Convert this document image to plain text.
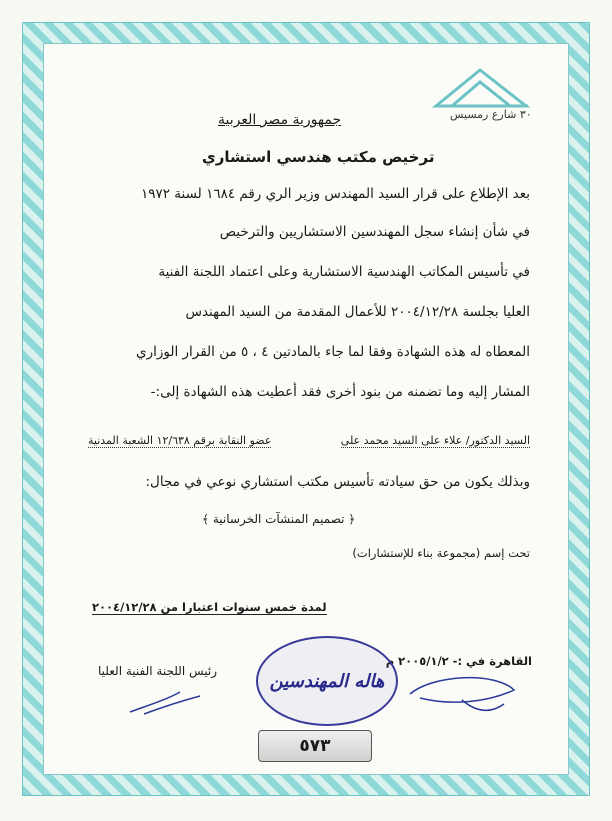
٣٠ شارع رمسيس
جمهورية مصر العربية
ترخيص مكتب هندسي استشاري
بعد الإطلاع على قرار السيد المهندس وزير الري رقم ١٦٨٤ لسنة ١٩٧٢
في شأن إنشاء سجل المهندسين الاستشاريين والترخيص
في تأسيس المكاتب الهندسية الاستشارية وعلى اعتماد اللجنة الفنية
العليا بجلسة ٢٠٠٤/١٢/٢٨ للأعمال المقدمة من السيد المهندس
المعطاه له هذه الشهادة وفقا لما جاء بالمادتين ٤ ، ٥ من القرار الوزاري
المشار إليه وما تضمنه من بنود أخرى فقد أعطيت هذه الشهادة إلى:-
السيد الدكتور/ علاء على السيد محمد على
عضو النقابة برقم ١٢/٦٣٨ الشعبة المدنية
وبذلك يكون من حق سيادته تأسيس مكتب استشاري نوعي في مجال:
﴿ تصميم المنشآت الخرسانية ﴾
تحت إسم (مجموعة بناء للإستشارات)
لمدة خمس سنوات اعتبارا من ٢٠٠٤/١٢/٢٨
القاهرة في :- ٢٠٠٥/١/٢ م
رئيس اللجنة الفنية العليا	هاله المهندسين
٥٧٣
